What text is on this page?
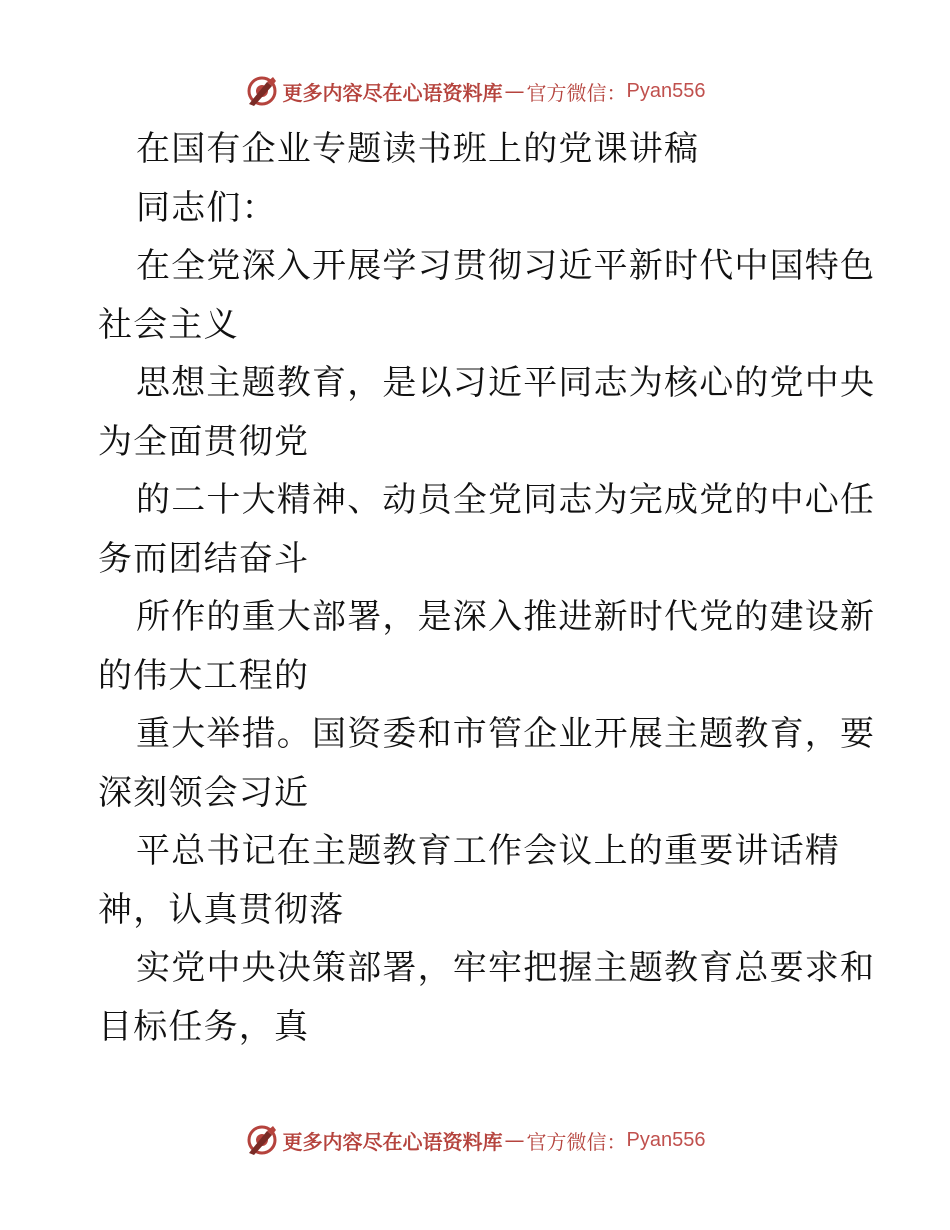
更多内容尽在心语资料库 — 官方微信： Pyan556
在国有企业专题读书班上的党课讲稿
同志们：
在全党深入开展学习贯彻习近平新时代中国特色
社会主义
思想主题教育，是以习近平同志为核心的党中央
为全面贯彻党
的二十大精神、动员全党同志为完成党的中心任
务而团结奋斗
所作的重大部署，是深入推进新时代党的建设新
的伟大工程的
重大举措。国资委和市管企业开展主题教育，要
深刻领会习近
平总书记在主题教育工作会议上的重要讲话精
神，认真贯彻落
实党中央决策部署，牢牢把握主题教育总要求和
目标任务，真
更多内容尽在心语资料库 — 官方微信： Pyan556
